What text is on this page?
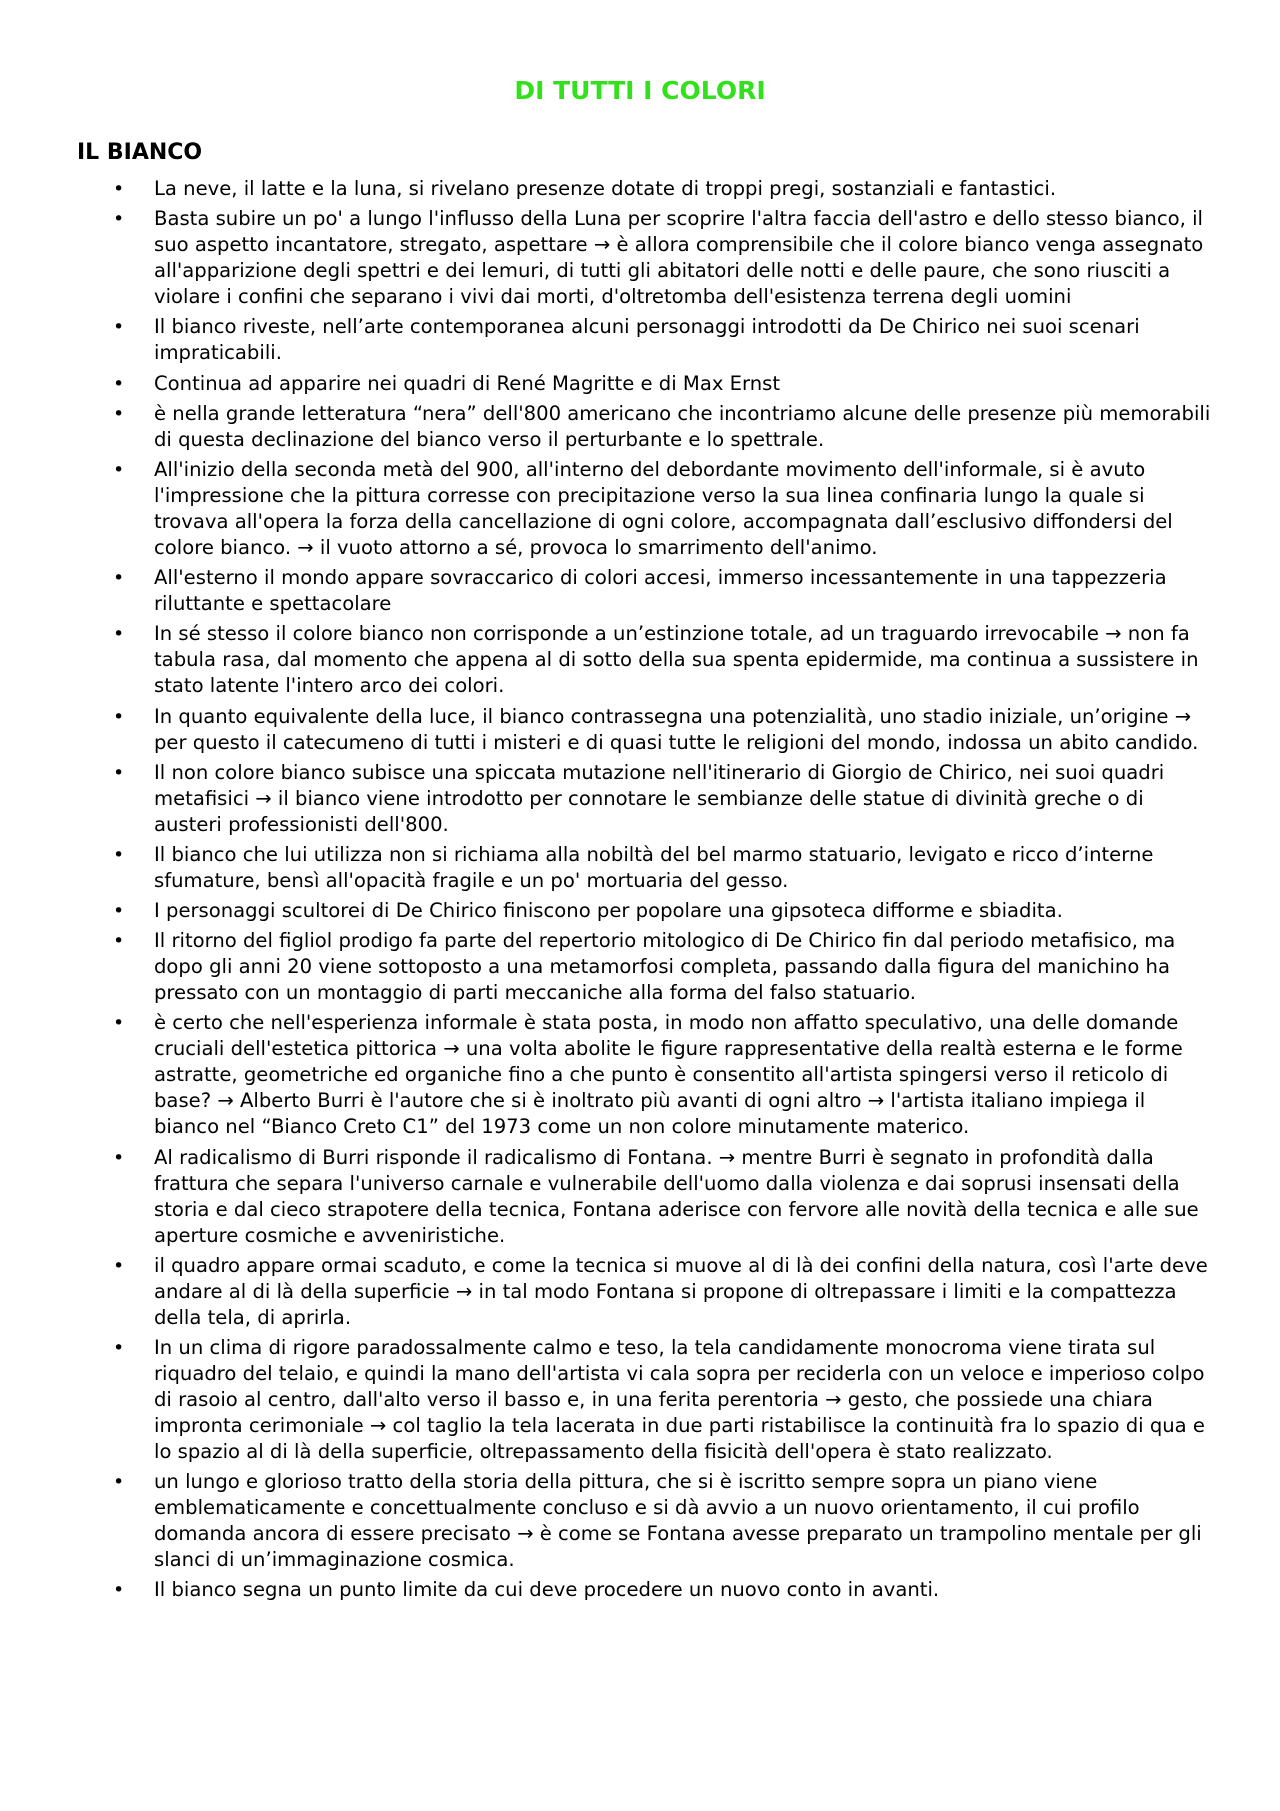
DI TUTTI I COLORI
IL BIANCO
• La neve, il latte e la luna, si rivelano presenze dotate di troppi pregi, sostanziali e fantastici.
• Basta subire un po' a lungo l'influsso della Luna per scoprire l'altra faccia dell'astro e dello stesso bianco, il suo aspetto incantatore, stregato, aspettare → è allora comprensibile che il colore bianco venga assegnato all'apparizione degli spettri e dei lemuri, di tutti gli abitatori delle notti e delle paure, che sono riusciti a violare i confini che separano i vivi dai morti, d'oltretomba dell'esistenza terrena degli uomini
• Il bianco riveste, nell’arte contemporanea alcuni personaggi introdotti da De Chirico nei suoi scenari impraticabili.
• Continua ad apparire nei quadri di René Magritte e di Max Ernst
• è nella grande letteratura “nera” dell'800 americano che incontriamo alcune delle presenze più memorabili di questa declinazione del bianco verso il perturbante e lo spettrale.
• All'inizio della seconda metà del 900, all'interno del debordante movimento dell'informale, si è avuto l'impressione che la pittura corresse con precipitazione verso la sua linea confinaria lungo la quale si trovava all'opera la forza della cancellazione di ogni colore, accompagnata dall’esclusivo diffondersi del colore bianco. → il vuoto attorno a sé, provoca lo smarrimento dell'animo.
• All'esterno il mondo appare sovraccarico di colori accesi, immerso incessantemente in una tappezzeria riluttante e spettacolare
• In sé stesso il colore bianco non corrisponde a un’estinzione totale, ad un traguardo irrevocabile → non fa tabula rasa, dal momento che appena al di sotto della sua spenta epidermide, ma continua a sussistere in stato latente l'intero arco dei colori.
• In quanto equivalente della luce, il bianco contrassegna una potenzialità, uno stadio iniziale, un’origine → per questo il catecumeno di tutti i misteri e di quasi tutte le religioni del mondo, indossa un abito candido.
• Il non colore bianco subisce una spiccata mutazione nell'itinerario di Giorgio de Chirico, nei suoi quadri metafisici → il bianco viene introdotto per connotare le sembianze delle statue di divinità greche o di austeri professionisti dell'800.
• Il bianco che lui utilizza non si richiama alla nobiltà del bel marmo statuario, levigato e ricco d’interne sfumature, bensì all'opacità fragile e un po' mortuaria del gesso.
• I personaggi scultorei di De Chirico finiscono per popolare una gipsoteca difforme e sbiadita.
• Il ritorno del figliol prodigo fa parte del repertorio mitologico di De Chirico fin dal periodo metafisico, ma dopo gli anni 20 viene sottoposto a una metamorfosi completa, passando dalla figura del manichino ha pressato con un montaggio di parti meccaniche alla forma del falso statuario.
• è certo che nell'esperienza informale è stata posta, in modo non affatto speculativo, una delle domande cruciali dell'estetica pittorica → una volta abolite le figure rappresentative della realtà esterna e le forme astratte, geometriche ed organiche fino a che punto è consentito all'artista spingersi verso il reticolo di base? → Alberto Burri è l'autore che si è inoltrato più avanti di ogni altro → l'artista italiano impiega il bianco nel “Bianco Creto C1” del 1973 come un non colore minutamente materico.
• Al radicalismo di Burri risponde il radicalismo di Fontana. → mentre Burri è segnato in profondità dalla frattura che separa l'universo carnale e vulnerabile dell'uomo dalla violenza e dai soprusi insensati della storia e dal cieco strapotere della tecnica, Fontana aderisce con fervore alle novità della tecnica e alle sue aperture cosmiche e avveniristiche.
• il quadro appare ormai scaduto, e come la tecnica si muove al di là dei confini della natura, così l'arte deve andare al di là della superficie → in tal modo Fontana si propone di oltrepassare i limiti e la compattezza della tela, di aprirla.
• In un clima di rigore paradossalmente calmo e teso, la tela candidamente monocroma viene tirata sul riquadro del telaio, e quindi la mano dell'artista vi cala sopra per reciderla con un veloce e imperioso colpo di rasoio al centro, dall'alto verso il basso e, in una ferita perentoria → gesto, che possiede una chiara impronta cerimoniale → col taglio la tela lacerata in due parti ristabilisce la continuità fra lo spazio di qua e lo spazio al di là della superficie, oltrepassamento della fisicità dell'opera è stato realizzato.
• un lungo e glorioso tratto della storia della pittura, che si è iscritto sempre sopra un piano viene emblematicamente e concettualmente concluso e si dà avvio a un nuovo orientamento, il cui profilo domanda ancora di essere precisato → è come se Fontana avesse preparato un trampolino mentale per gli slanci di un’immaginazione cosmica.
• Il bianco segna un punto limite da cui deve procedere un nuovo conto in avanti.
